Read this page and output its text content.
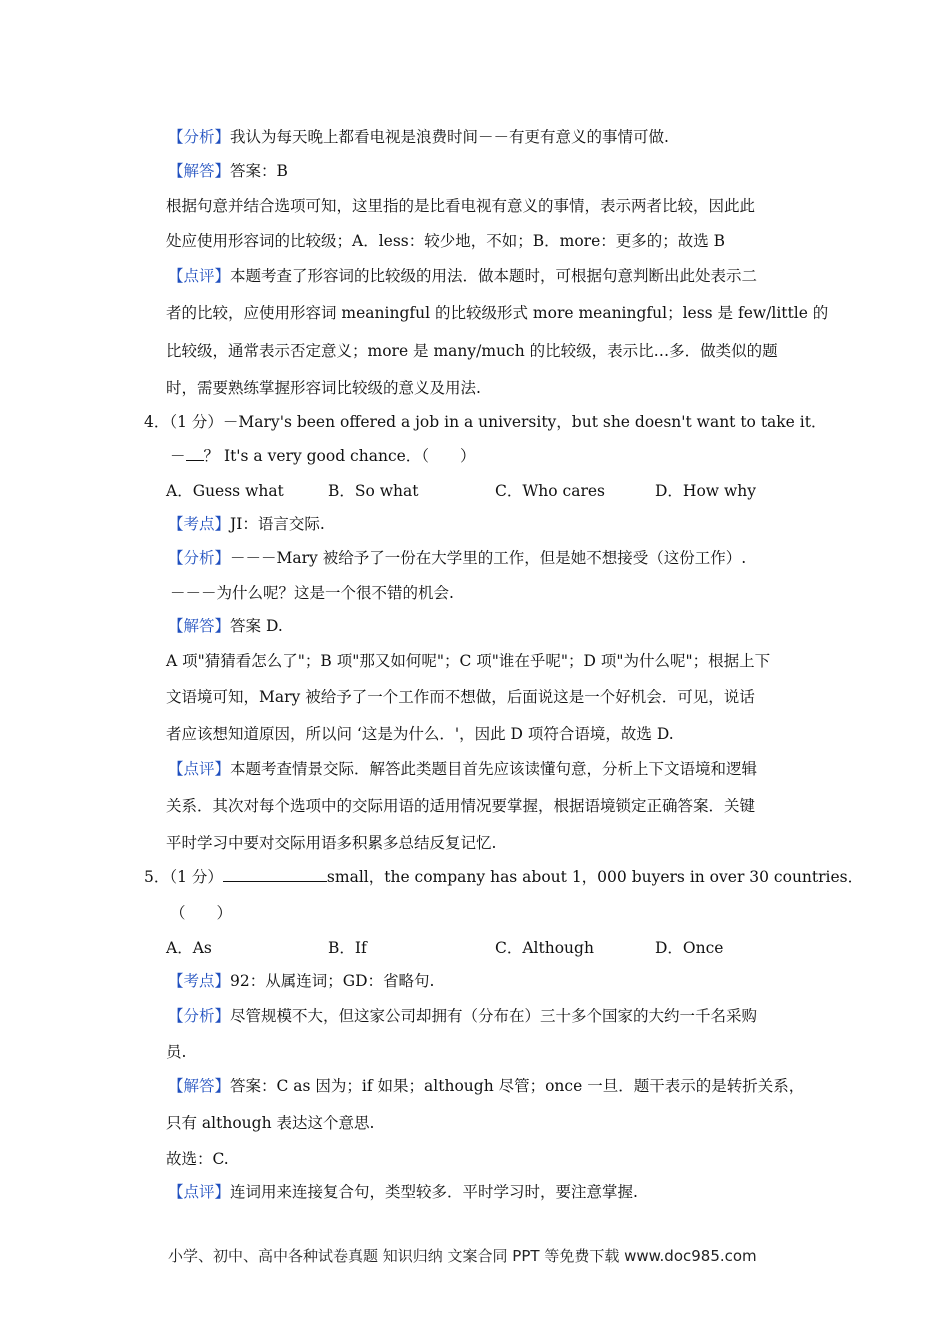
【分析】我认为每天晚上都看电视是浪费时间－－有更有意义的事情可做.
【解答】答案：B
根据句意并结合选项可知，这里指的是比看电视有意义的事情，表示两者比较，因此此
处应使用形容词的比较级；A．less：较少地，不如；B．more：更多的；故选 B
【点评】本题考查了形容词的比较级的用法．做本题时，可根据句意判断出此处表示二
者的比较，应使用形容词 meaningful 的比较级形式 more meaningful；less 是 few/little 的
比较级，通常表示否定意义；more 是 many/much 的比较级，表示比…多．做类似的题
时，需要熟练掌握形容词比较级的意义及用法.
4．（1 分）－Mary's been offered a job in a university，but she doesn't want to take it．
－ ？ It's a very good chance．（　　）
A．Guess what	B．So what	C．Who cares	D．How why
【考点】JI：语言交际.
【分析】－－－Mary 被给予了一份在大学里的工作，但是她不想接受（这份工作）.
－－－为什么呢？这是一个很不错的机会.
【解答】答案 D.
A 项"猜猜看怎么了"；B 项"那又如何呢"；C 项"谁在乎呢"；D 项"为什么呢"；根据上下
文语境可知，Mary 被给予了一个工作而不想做，后面说这是一个好机会．可见，说话
者应该想知道原因，所以问 ‘这是为什么．'，因此 D 项符合语境，故选 D.
【点评】本题考查情景交际．解答此类题目首先应该读懂句意，分析上下文语境和逻辑
关系．其次对每个选项中的交际用语的适用情况要掌握，根据语境锁定正确答案．关键
平时学习中要对交际用语多积累多总结反复记忆.
5．（1 分）	small，the company has about 1，000 buyers in over 30 countries．
（　　）
A．As	B．If	C．Although	D．Once
【考点】92：从属连词；GD：省略句.
【分析】尽管规模不大，但这家公司却拥有（分布在）三十多个国家的大约一千名采购
员.
【解答】答案：C as 因为；if 如果；although 尽管；once 一旦．题干表示的是转折关系，
只有 although 表达这个意思.
故选：C.
【点评】连词用来连接复合句，类型较多．平时学习时，要注意掌握.
小学、初中、高中各种试卷真题 知识归纳 文案合同 PPT 等免费下载 www.doc985.com
